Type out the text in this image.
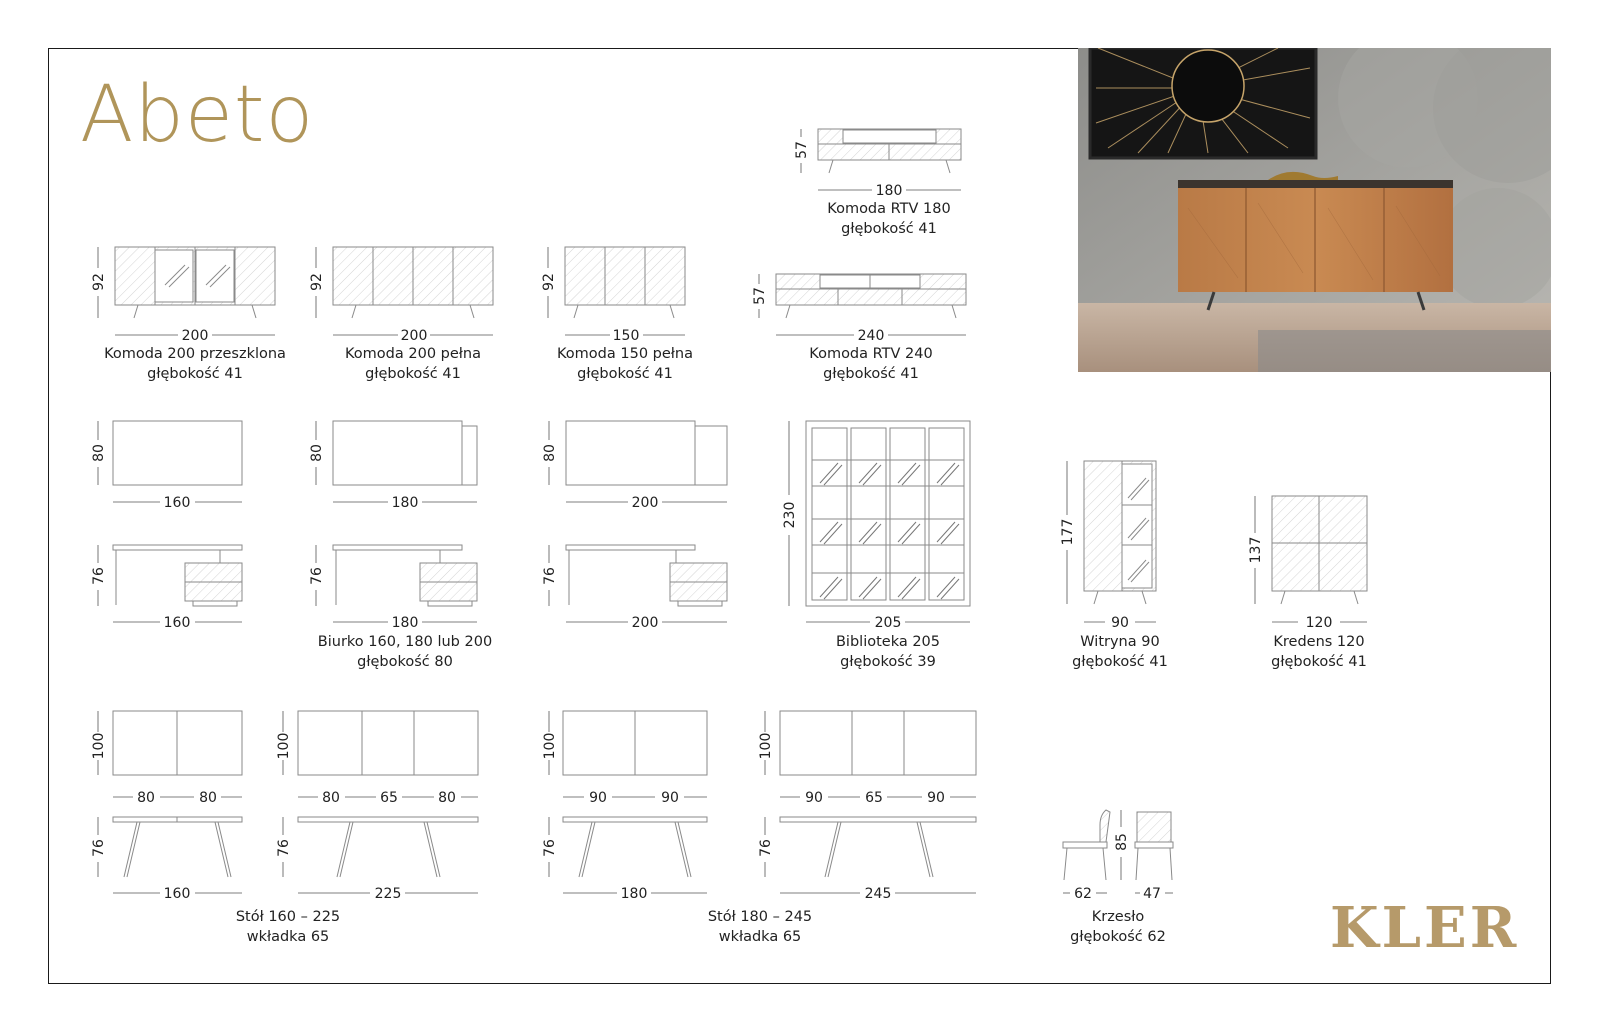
Abeto
200	200	150	240
180
160	180	200
160	180	200	205	90	120
80	80	80	65	80
160	225
90	90	90	65	90
180	245	62	47
92	92	92
57
57
80	80	80
76	76	76
230
177
137
100
76
100
76
100
76
100
76	85
Komoda 200 przeszklona
głębokość 41
Komoda 200 pełna
głębokość 41
Komoda 150 pełna
głębokość 41
Komoda RTV 240
głębokość 41
Komoda RTV 180
głębokość 41
Biurko 160, 180 lub 200
głębokość 80
Biblioteka 205
głębokość 39
Witryna 90
głębokość 41
Kredens 120
głębokość 41
Stół 160 – 225
wkładka 65
Stół 180 – 245
wkładka 65
Krzesło
głębokość 62	KLER
